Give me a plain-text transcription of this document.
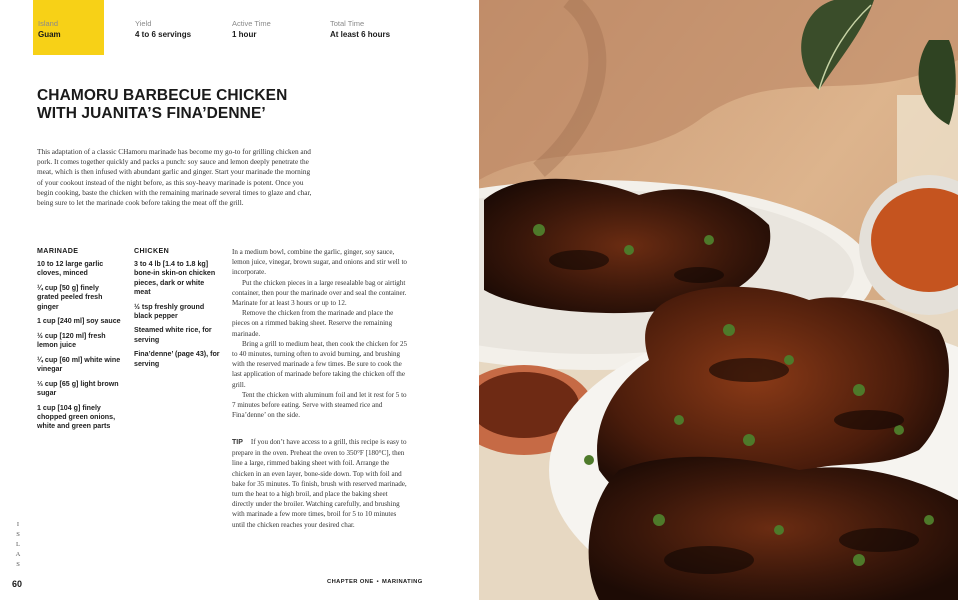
Island
Guam
Yield
4 to 6 servings
Active Time
1 hour
Total Time
At least 6 hours
CHAMORU BARBECUE CHICKEN WITH JUANITA’S FINA’DENNE’

This adaptation of a classic CHamoru marinade has become my go-to for grilling chicken and pork. It comes together quickly and packs a punch: soy sauce and lemon deeply penetrate the meat, which is then infused with abundant garlic and ginger. Start your marinade the morning of your cookout instead of the night before, as this soy-heavy marinade is potent. Once you begin cooking, baste the chicken with the remaining marinade several times to glaze and char, being sure to let the marinade cook before taking the meat off the grill.

MARINADE
10 to 12 large garlic cloves, minced
¼ cup [50 g] finely grated peeled fresh ginger
1 cup [240 ml] soy sauce
½ cup [120 ml] fresh lemon juice
¼ cup [60 ml] white wine vinegar
⅓ cup [65 g] light brown sugar
1 cup [104 g] finely chopped green onions, white and green parts
CHICKEN
3 to 4 lb [1.4 to 1.8 kg] bone-in skin-on chicken pieces, dark or white meat
½ tsp freshly ground black pepper
Steamed white rice, for serving
Fina’denne’ (page 43), for serving

In a medium bowl, combine the garlic, ginger, soy sauce, lemon juice, vinegar, brown sugar, and onions and stir well to incorporate.

Put the chicken pieces in a large resealable bag or airtight container, then pour the marinade over and seal the container. Marinate for at least 3 hours or up to 12.

Remove the chicken from the marinade and place the pieces on a rimmed baking sheet. Reserve the remaining marinade.

Bring a grill to medium heat, then cook the chicken for 25 to 40 minutes, turning often to avoid burning, and brushing with the reserved marinade a few times. Be sure to cook the last application of marinade before taking the chicken off the grill.

Tent the chicken with aluminum foil and let it rest for 5 to 7 minutes before eating. Serve with steamed rice and Fina’denne’ on the side.

TIP If you don’t have access to a grill, this recipe is easy to prepare in the oven. Preheat the oven to 350°F [180°C], then line a large, rimmed baking sheet with foil. Arrange the chicken in an even layer, bone-side down. Top with foil and bake for 35 minutes. To finish, brush with reserved marinade, turn the heat to a high broil, and place the baking sheet directly under the broiler. Watching carefully, and brushing with marinade a few more times, broil for 5 to 10 minutes until the chicken reaches your desired char.

I
S
L
A
S
60	CHAPTER ONE • MARINATING
